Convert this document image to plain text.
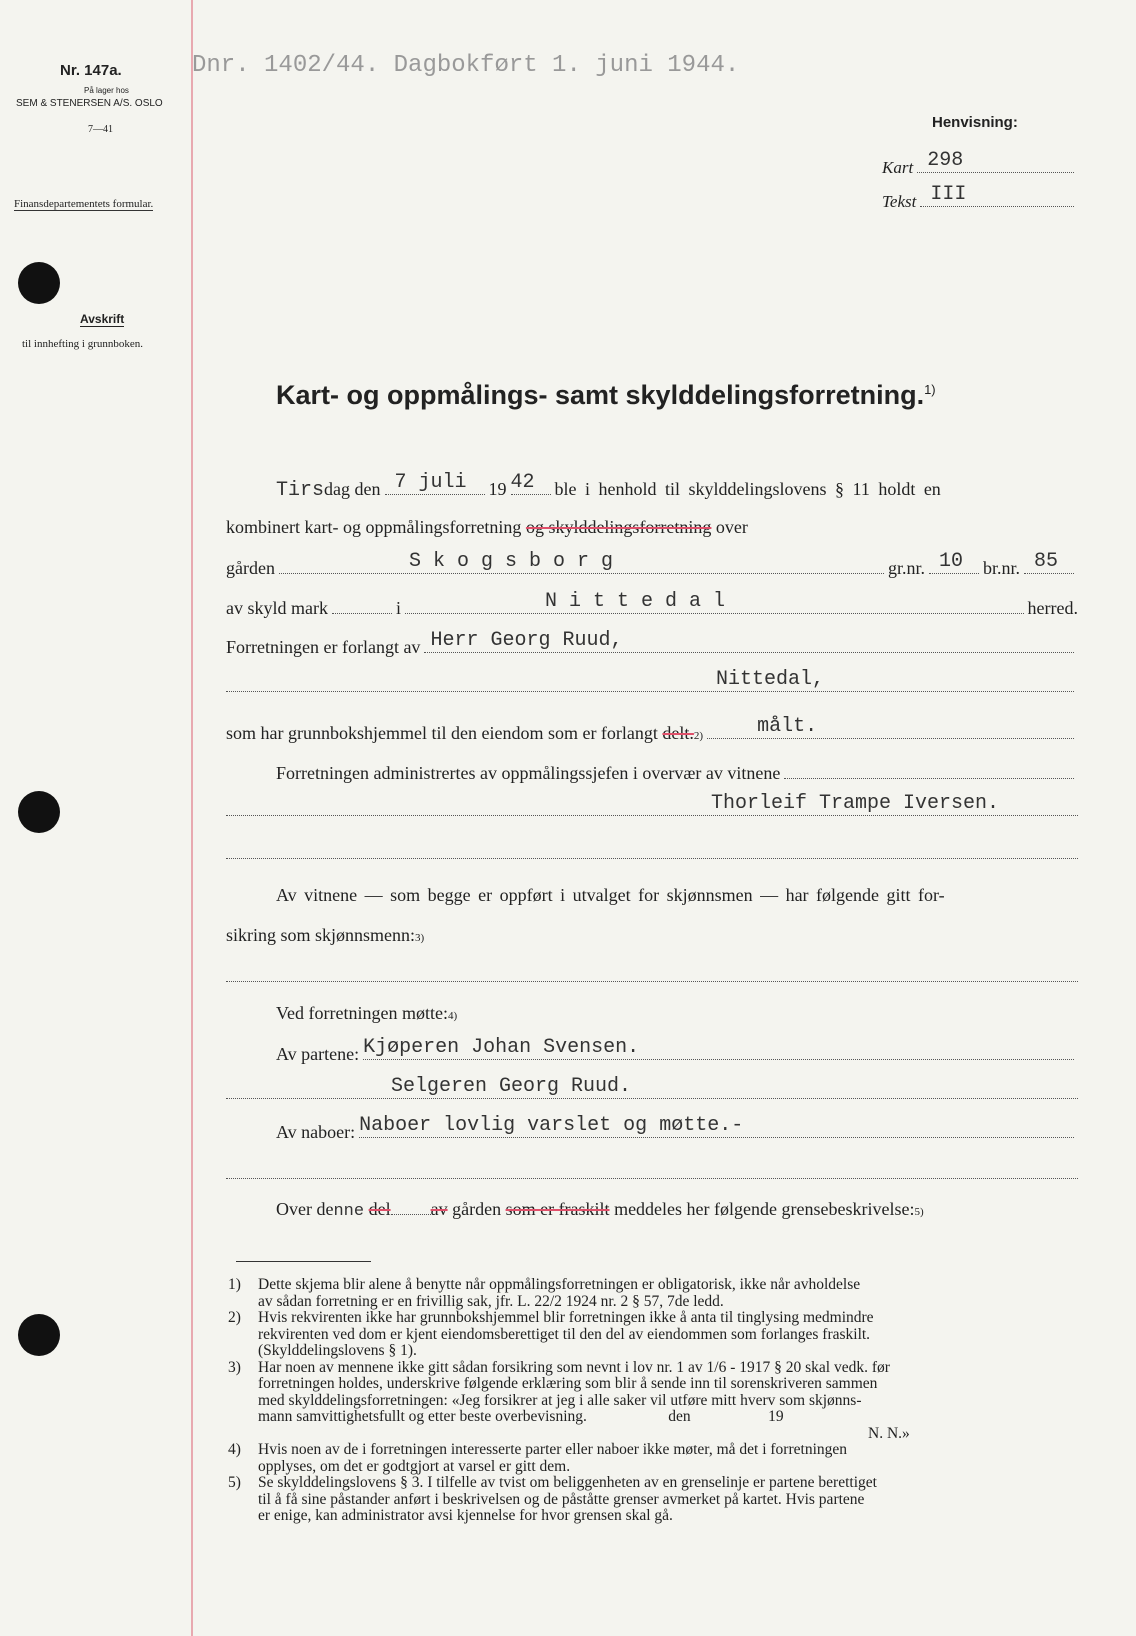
Nr. 147a.
På lager hos
SEM & STENERSEN A/S. OSLO
7—41
Finansdepartementets formular.
Avskrift
til innhefting i grunnboken.
Dnr. 1402/44. Dagbokført 1. juni 1944.
Henvisning:
Kart 298
Tekst III
Kart- og oppmålings- samt skylddelingsforretning.$^{1)}$
Tirs dag den 7 juli 19 42 ble i henhold til skylddelingslovens § 11 holdt en
kombinert kart- og oppmålingsforretning
og skylddelingsforretning
over
gården	S k o g s b o r g	gr.nr. 10 br.nr. 85
av skyld mark	i	N i t t e d a l	herred.
Forretningen er forlangt av Herr Georg Ruud,
Nittedal,
som har grunnbokshjemmel til den eiendom som er forlangt
delt. 2)	målt.
Forretningen administrertes av oppmålingssjefen i overvær av vitnene
Thorleif Trampe Iversen.
Av vitnene — som begge er oppført i utvalget for skjønnsmen — har følgende gitt for-
sikring som skjønnsmenn: 3)
Ved forretningen møtte: 4)
Av partene: Kjøperen Johan Svensen.
Selgeren Georg Ruud.
Av naboer: Naboer lovlig varslet og møtte.-
Over de nne
del av
gården
som er fraskilt
meddeles her følgende grensebeskrivelse: 5)
1) Dette skjema blir alene å benytte når oppmålingsforretningen er obligatorisk, ikke når avholdelse
av sådan forretning er en frivillig sak, jfr. L. 22/2 1924 nr. 2 § 57, 7de ledd.
2) Hvis rekvirenten ikke har grunnbokshjemmel blir forretningen ikke å anta til tinglysing medmindre
rekvirenten ved dom er kjent eiendomsberettiget til den del av eiendommen som forlanges fraskilt.
(Skylddelingslovens § 1).
3) Har noen av mennene ikke gitt sådan forsikring som nevnt i lov nr. 1 av 1/6 - 1917 § 20 skal vedk. før
forretningen holdes, underskrive følgende erklæring som blir å sende inn til sorenskriveren sammen
med skylddelingsforretningen: «Jeg forsikrer at jeg i alle saker vil utføre mitt hverv som skjønns-
mann samvittighetsfullt og etter beste overbevisning.                     den                    19
N. N.»
4) Hvis noen av de i forretningen interesserte parter eller naboer ikke møter, må det i forretningen
opplyses, om det er godtgjort at varsel er gitt dem.
5) Se skylddelingslovens § 3. I tilfelle av tvist om beliggenheten av en grenselinje er partene berettiget
til å få sine påstander anført i beskrivelsen og de påståtte grenser avmerket på kartet. Hvis partene
er enige, kan administrator avsi kjennelse for hvor grensen skal gå.
